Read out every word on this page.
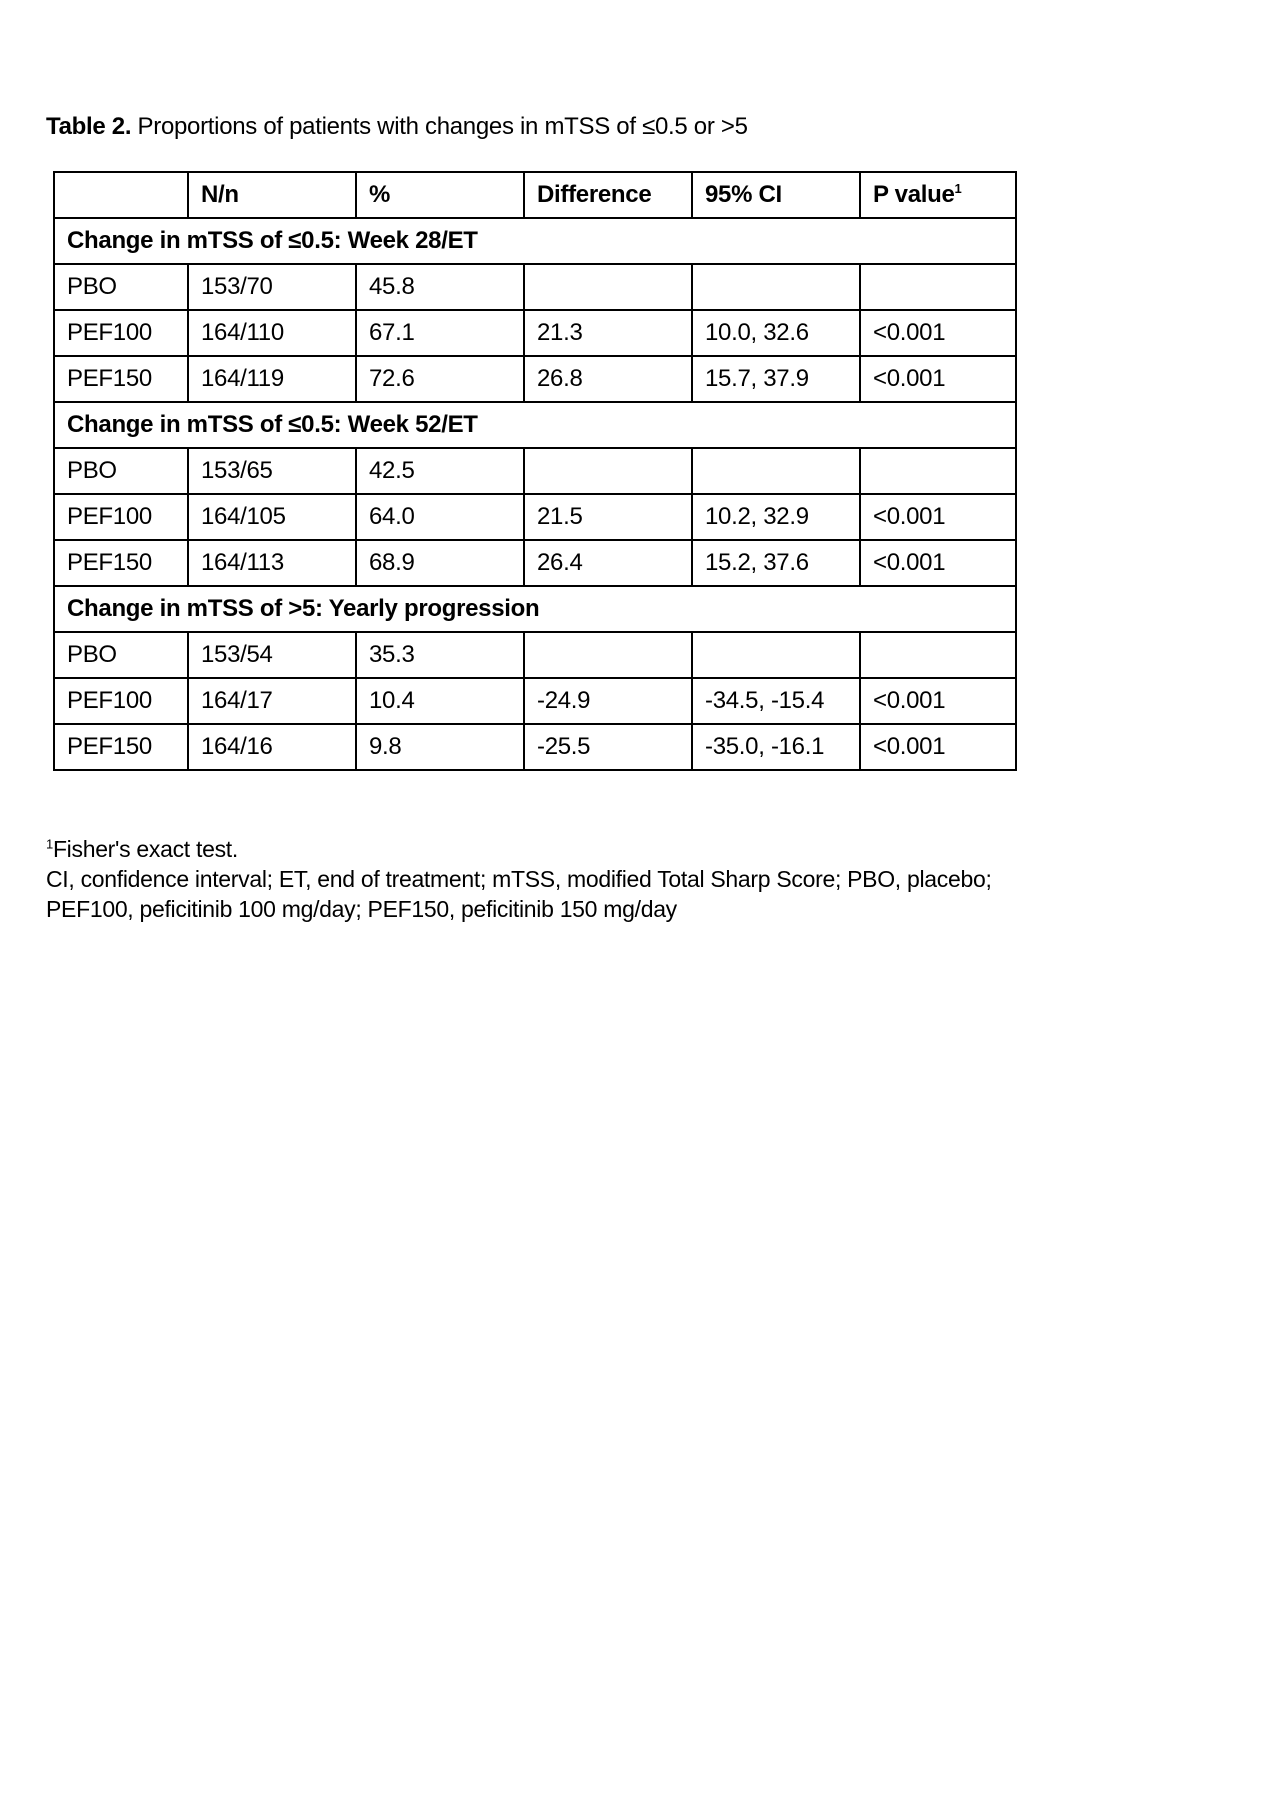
Table 2. Proportions of patients with changes in mTSS of ≤0.5 or >5
	N/n	%	Difference	95% CI	P value$^1$
Change in mTSS of ≤0.5: Week 28/ET					
PBO	153/70	45.8			
PEF100	164/110	67.1	21.3	10.0, 32.6	<0.001
PEF150	164/119	72.6	26.8	15.7, 37.9	<0.001
Change in mTSS of ≤0.5: Week 52/ET					
PBO	153/65	42.5			
PEF100	164/105	64.0	21.5	10.2, 32.9	<0.001
PEF150	164/113	68.9	26.4	15.2, 37.6	<0.001
Change in mTSS of >5: Yearly progression					
PBO	153/54	35.3			
PEF100	164/17	10.4	-24.9	-34.5, -15.4	<0.001
PEF150	164/16	9.8	-25.5	-35.0, -16.1	<0.001

$^1$Fisher's exact test.

CI, confidence interval; ET, end of treatment; mTSS, modified Total Sharp Score; PBO, placebo;

PEF100, peficitinib 100 mg/day; PEF150, peficitinib 150 mg/day
